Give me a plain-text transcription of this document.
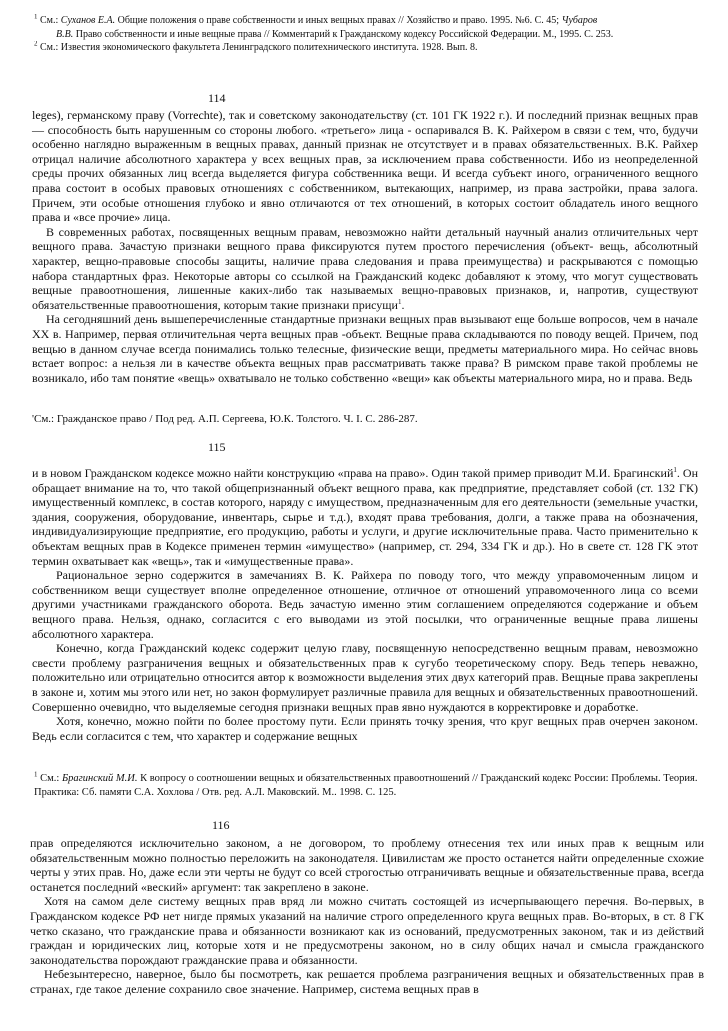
$^1$ См.: Суханов Е.А. Общие положения о праве собственности и иных вещных правах // Хозяйство и право. 1995. №6. С. 45; Чубаров
В.В. Право собственности и иные вещные права // Комментарий к Гражданскому кодексу Российской Федерации. М., 1995. С. 253.
$^2$ См.: Известия экономического факультета Ленинградского политехнического института. 1928. Вып. 8.
114

leges), германскому праву (Vorrechte), так и советскому законодательству (ст. 101 ГК 1922 г.). И последний признак вещных прав — способность быть нарушенным со стороны любого. «третьего» лица - оспаривался В. К. Райхером в связи с тем, что, будучи особенно наглядно выраженным в вещных правах, данный признак не отсутствует и в правах обязательственных. В.К. Райхер отрицал наличие абсолютного характера у всех вещных прав, за исключением права собственности. Ибо из неопределенной среды прочих обязанных лиц всегда выделяется фигура собственника вещи. И всегда субъект иного, ограниченного вещного права состоит в особых правовых отношениях с собственником, вытекающих, например, из права застройки, права залога. Причем, эти особые отношения глубоко и явно отличаются от тех отношений, в которых состоит обладатель иного вещного права и «все прочие» лица.

В современных работах, посвященных вещным правам, невозможно найти детальный научный анализ отличительных черт вещного права. Зачастую признаки вещного права фиксируются путем простого перечисления (объект- вещь, абсолютный характер, вещно-правовые способы защиты, наличие права следования и права преимущества) и раскрываются с помощью набора стандартных фраз. Некоторые авторы со ссылкой на Гражданский кодекс добавляют к этому, что могут существовать вещные правоотношения, лишенные каких-либо так называемых вещно-правовых признаков, и, напротив, существуют обязательственные правоотношения, которым такие признаки присущи$^1$.

На сегодняшний день вышеперечисленные стандартные признаки вещных прав вызывают еще больше вопросов, чем в начале XX в. Например, первая отличительная черта вещных прав -объект. Вещные права складываются по поводу вещей. Причем, под вещью в данном случае всегда понимались только телесные, физические вещи, предметы материального мира. Но сейчас вновь встает вопрос: а нельзя ли в качестве объекта вещных прав рассматривать также права? В римском праве такой проблемы не возникало, ибо там понятие «вещь» охватывало не только собственно «вещи» как объекты материального мира, но и права. Ведь

'См.: Гражданское право / Под ред. А.П. Сергеева, Ю.К. Толстого. Ч. I. С. 286-287.
115

и в новом Гражданском кодексе можно найти конструкцию «права на право». Один такой пример приводит М.И. Брагинский$^1$. Он обращает внимание на то, что такой общепризнанный объект вещного права, как предприятие, представляет собой (ст. 132 ГК) имущественный комплекс, в состав которого, наряду с имуществом, предназначенным для его деятельности (земельные участки, здания, сооружения, оборудование, инвентарь, сырье и т.д.), входят права требования, долги, а также права на обозначения, индивидуализирующие предприятие, его продукцию, работы и услуги, и другие исключительные права. Часто применительно к объектам вещных прав в Кодексе применен термин «имущество» (например, ст. 294, 334 ГК и др.). Но в свете ст. 128 ГК этот термин охватывает как «вещь», так и «имущественные права».

Рациональное зерно содержится в замечаниях В. К. Райхера по поводу того, что между управомоченным лицом и собственником вещи существует вполне определенное отношение, отличное от отношений управомоченного лица со всеми другими участниками гражданского оборота. Ведь зачастую именно этим соглашением определяются содержание и объем вещного права. Нельзя, однако, согласится с его выводами из этой посылки, что ограниченные вещные права лишены абсолютного характера.

Конечно, когда Гражданский кодекс содержит целую главу, посвященную непосредственно вещным правам, невозможно свести проблему разграничения вещных и обязательственных прав к сугубо теоретическому спору. Ведь теперь неважно, положительно или отрицательно относится автор к возможности выделения этих двух категорий прав. Вещные права закреплены в законе и, хотим мы этого или нет, но закон формулирует различные правила для вещных и обязательственных правоотношений. Совершенно очевидно, что выделяемые сегодня признаки вещных прав явно нуждаются в корректировке и доработке.

Хотя, конечно, можно пойти по более простому пути. Если принять точку зрения, что круг вещных прав очерчен законом. Ведь если согласится с тем, что характер и содержание вещных

$^1$ См.: Брагинский М.И. К вопросу о соотношении вещных и обязательственных правоотношений // Гражданский кодекс России: Проблемы. Теория. Практика: Сб. памяти С.А. Хохлова / Отв. ред. А.Л. Маковский. М.. 1998. С. 125.
116

прав определяются исключительно законом, а не договором, то проблему отнесения тех или иных прав к вещным или обязательственным можно полностью переложить на законодателя. Цивилистам же просто останется найти определенные схожие черты у этих прав. Но, даже если эти черты не будут со всей строгостью отграничивать вещные и обязательственные права, всегда останется последний «веский» аргумент: так закреплено в законе.

Хотя на самом деле систему вещных прав вряд ли можно считать состоящей из исчерпывающего перечня. Во-первых, в Гражданском кодексе РФ нет нигде прямых указаний на наличие строго определенного круга вещных прав. Во-вторых, в ст. 8 ГК четко сказано, что гражданские права и обязанности возникают как из оснований, предусмотренных законом, так и из действий граждан и юридических лиц, которые хотя и не предусмотрены законом, но в силу общих начал и смысла гражданского законодательства порождают гражданские права и обязанности.

Небезынтересно, наверное, было бы посмотреть, как решается проблема разграничения вещных и обязательственных прав в странах, где такое деление сохранило свое значение. Например, система вещных прав в
